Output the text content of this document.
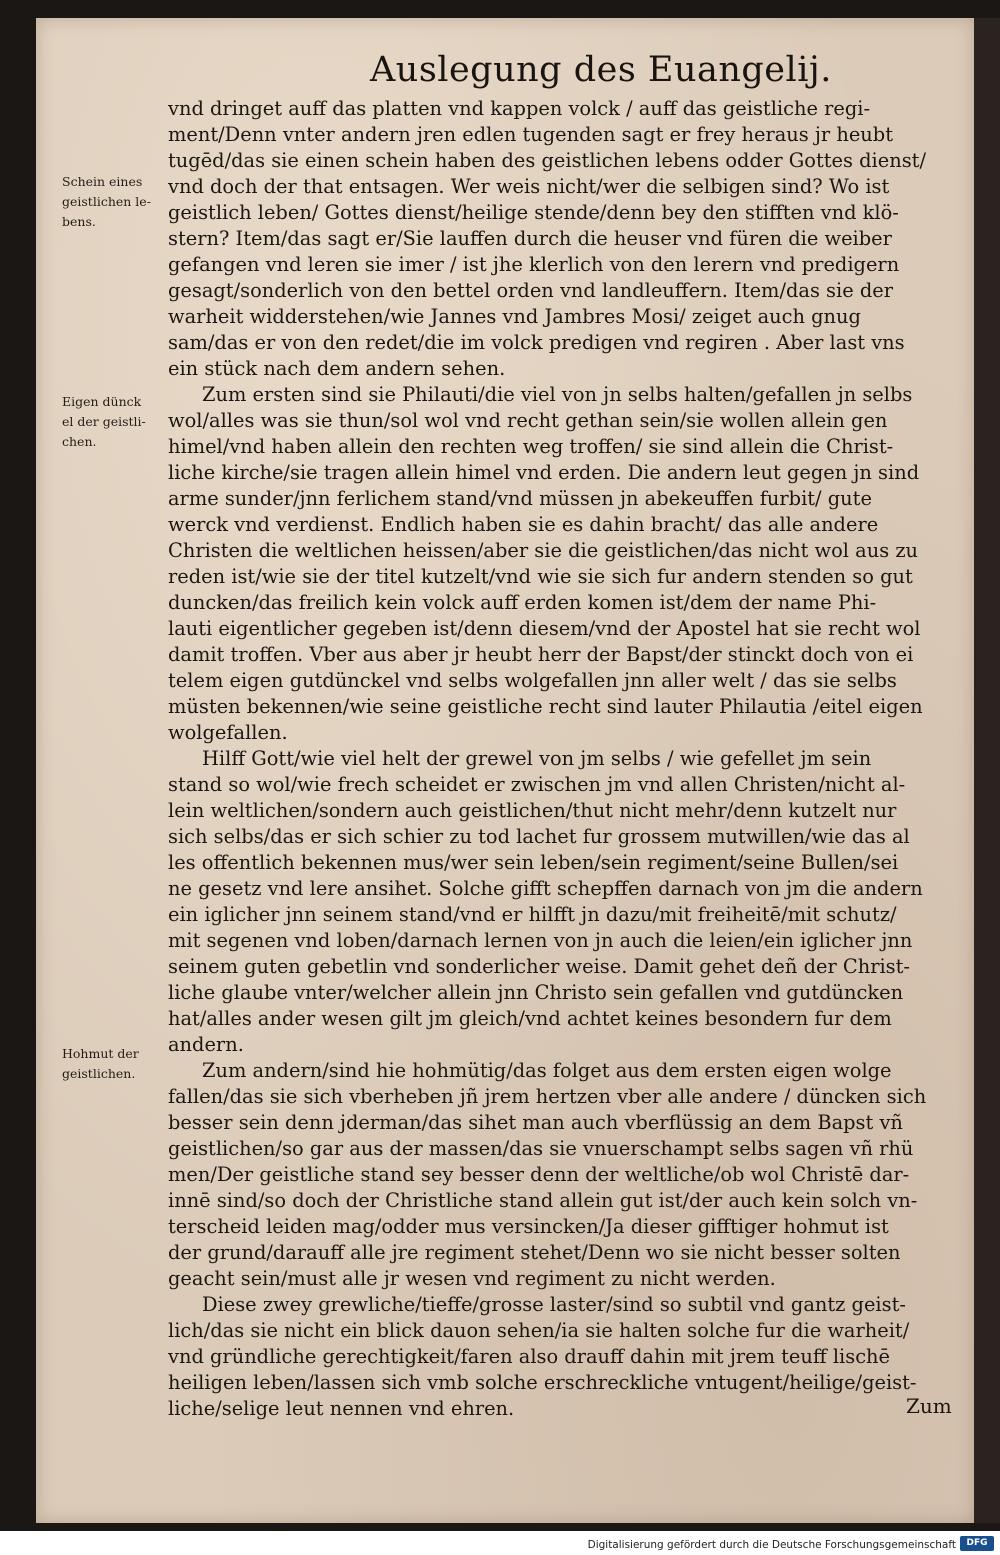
Auslegung des Euangelij.
Schein eines
geistlichen le-
bens.
Eigen dünck
el der geistli-
chen.
Hohmut der
geistlichen.
vnd dringet auff das platten vnd kappen volck / auff das geistliche regi-
ment/Denn vnter andern jren edlen tugenden sagt er frey heraus jr heubt
tugēd/das sie einen schein haben des geistlichen lebens odder Gottes dienst/
vnd doch der that entsagen. Wer weis nicht/wer die selbigen sind? Wo ist
geistlich leben/ Gottes dienst/heilige stende/denn bey den stifften vnd klö-
stern? Item/das sagt er/Sie lauffen durch die heuser vnd füren die weiber
gefangen vnd leren sie imer / ist jhe klerlich von den lerern vnd predigern
gesagt/sonderlich von den bettel orden vnd landleuffern. Item/das sie der
warheit widderstehen/wie Jannes vnd Jambres Mosi/ zeiget auch gnug
sam/das er von den redet/die im volck predigen vnd regiren . Aber last vns
ein stück nach dem andern sehen.
Zum ersten sind sie Philauti/die viel von jn selbs halten/gefallen jn selbs
wol/alles was sie thun/sol wol vnd recht gethan sein/sie wollen allein gen
himel/vnd haben allein den rechten weg troffen/ sie sind allein die Christ-
liche kirche/sie tragen allein himel vnd erden. Die andern leut gegen jn sind
arme sunder/jnn ferlichem stand/vnd müssen jn abekeuffen furbit/ gute
werck vnd verdienst. Endlich haben sie es dahin bracht/ das alle andere
Christen die weltlichen heissen/aber sie die geistlichen/das nicht wol aus zu
reden ist/wie sie der titel kutzelt/vnd wie sie sich fur andern stenden so gut
duncken/das freilich kein volck auff erden komen ist/dem der name Phi-
lauti eigentlicher gegeben ist/denn diesem/vnd der Apostel hat sie recht wol
damit troffen. Vber aus aber jr heubt herr der Bapst/der stinckt doch von ei
telem eigen gutdünckel vnd selbs wolgefallen jnn aller welt / das sie selbs
müsten bekennen/wie seine geistliche recht sind lauter Philautia /eitel eigen
wolgefallen.
Hilff Gott/wie viel helt der grewel von jm selbs / wie gefellet jm sein
stand so wol/wie frech scheidet er zwischen jm vnd allen Christen/nicht al-
lein weltlichen/sondern auch geistlichen/thut nicht mehr/denn kutzelt nur
sich selbs/das er sich schier zu tod lachet fur grossem mutwillen/wie das al
les offentlich bekennen mus/wer sein leben/sein regiment/seine Bullen/sei
ne gesetz vnd lere ansihet. Solche gifft schepffen darnach von jm die andern
ein iglicher jnn seinem stand/vnd er hilfft jn dazu/mit freiheitē/mit schutz/
mit segenen vnd loben/darnach lernen von jn auch die leien/ein iglicher jnn
seinem guten gebetlin vnd sonderlicher weise. Damit gehet deñ der Christ-
liche glaube vnter/welcher allein jnn Christo sein gefallen vnd gutdüncken
hat/alles ander wesen gilt jm gleich/vnd achtet keines besondern fur dem
andern.
Zum andern/sind hie hohmütig/das folget aus dem ersten eigen wolge
fallen/das sie sich vberheben jñ jrem hertzen vber alle andere / düncken sich
besser sein denn jderman/das sihet man auch vberflüssig an dem Bapst vñ
geistlichen/so gar aus der massen/das sie vnuerschampt selbs sagen vñ rhü
men/Der geistliche stand sey besser denn der weltliche/ob wol Christē dar-
innē sind/so doch der Christliche stand allein gut ist/der auch kein solch vn-
terscheid leiden mag/odder mus versincken/Ja dieser gifftiger hohmut ist
der grund/darauff alle jre regiment stehet/Denn wo sie nicht besser solten
geacht sein/must alle jr wesen vnd regiment zu nicht werden.
Diese zwey grewliche/tieffe/grosse laster/sind so subtil vnd gantz geist-
lich/das sie nicht ein blick dauon sehen/ia sie halten solche fur die warheit/
vnd gründliche gerechtigkeit/faren also drauff dahin mit jrem teuff lischē
heiligen leben/lassen sich vmb solche erschreckliche vntugent/heilige/geist-
liche/selige leut nennen vnd ehren.	Zum
Digitalisierung gefördert durch die Deutsche Forschungsgemeinschaft	DFG
